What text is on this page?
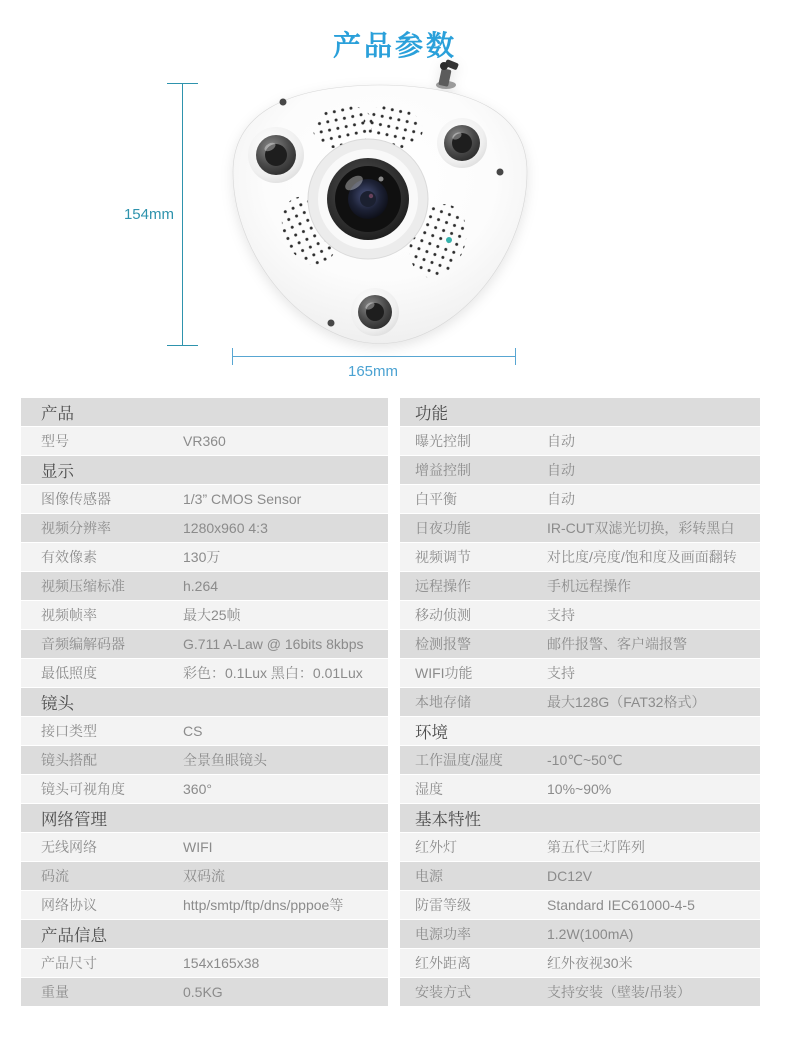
产品参数
154mm
165mm
产品
型号	VR360
显示
图像传感器	1/3” CMOS Sensor
视频分辨率	1280x960 4:3
有效像素	130万
视频压缩标准	h.264
视频帧率	最大25帧
音频编解码器	G.711 A-Law @ 16bits 8kbps
最低照度	彩色：0.1Lux 黑白：0.01Lux
镜头
接口类型	CS
镜头搭配	全景鱼眼镜头
镜头可视角度	360°
网络管理
无线网络	WIFI
码流	双码流
网络协议	http/smtp/ftp/dns/pppoe等
产品信息
产品尺寸	154x165x38
重量	0.5KG
功能
曝光控制	自动
增益控制	自动
白平衡	自动
日夜功能	IR-CUT双滤光切换，彩转黑白
视频调节	对比度/亮度/饱和度及画面翻转
远程操作	手机远程操作
移动侦测	支持
检测报警	邮件报警、客户端报警
WIFI功能	支持
本地存储	最大128G（FAT32格式）
环境
工作温度/湿度	-10℃~50℃
湿度	10%~90%
基本特性
红外灯	第五代三灯阵列
电源	DC12V
防雷等级	Standard IEC61000-4-5
电源功率	1.2W(100mA)
红外距离	红外夜视30米
安装方式	支持安装（壁装/吊装）
